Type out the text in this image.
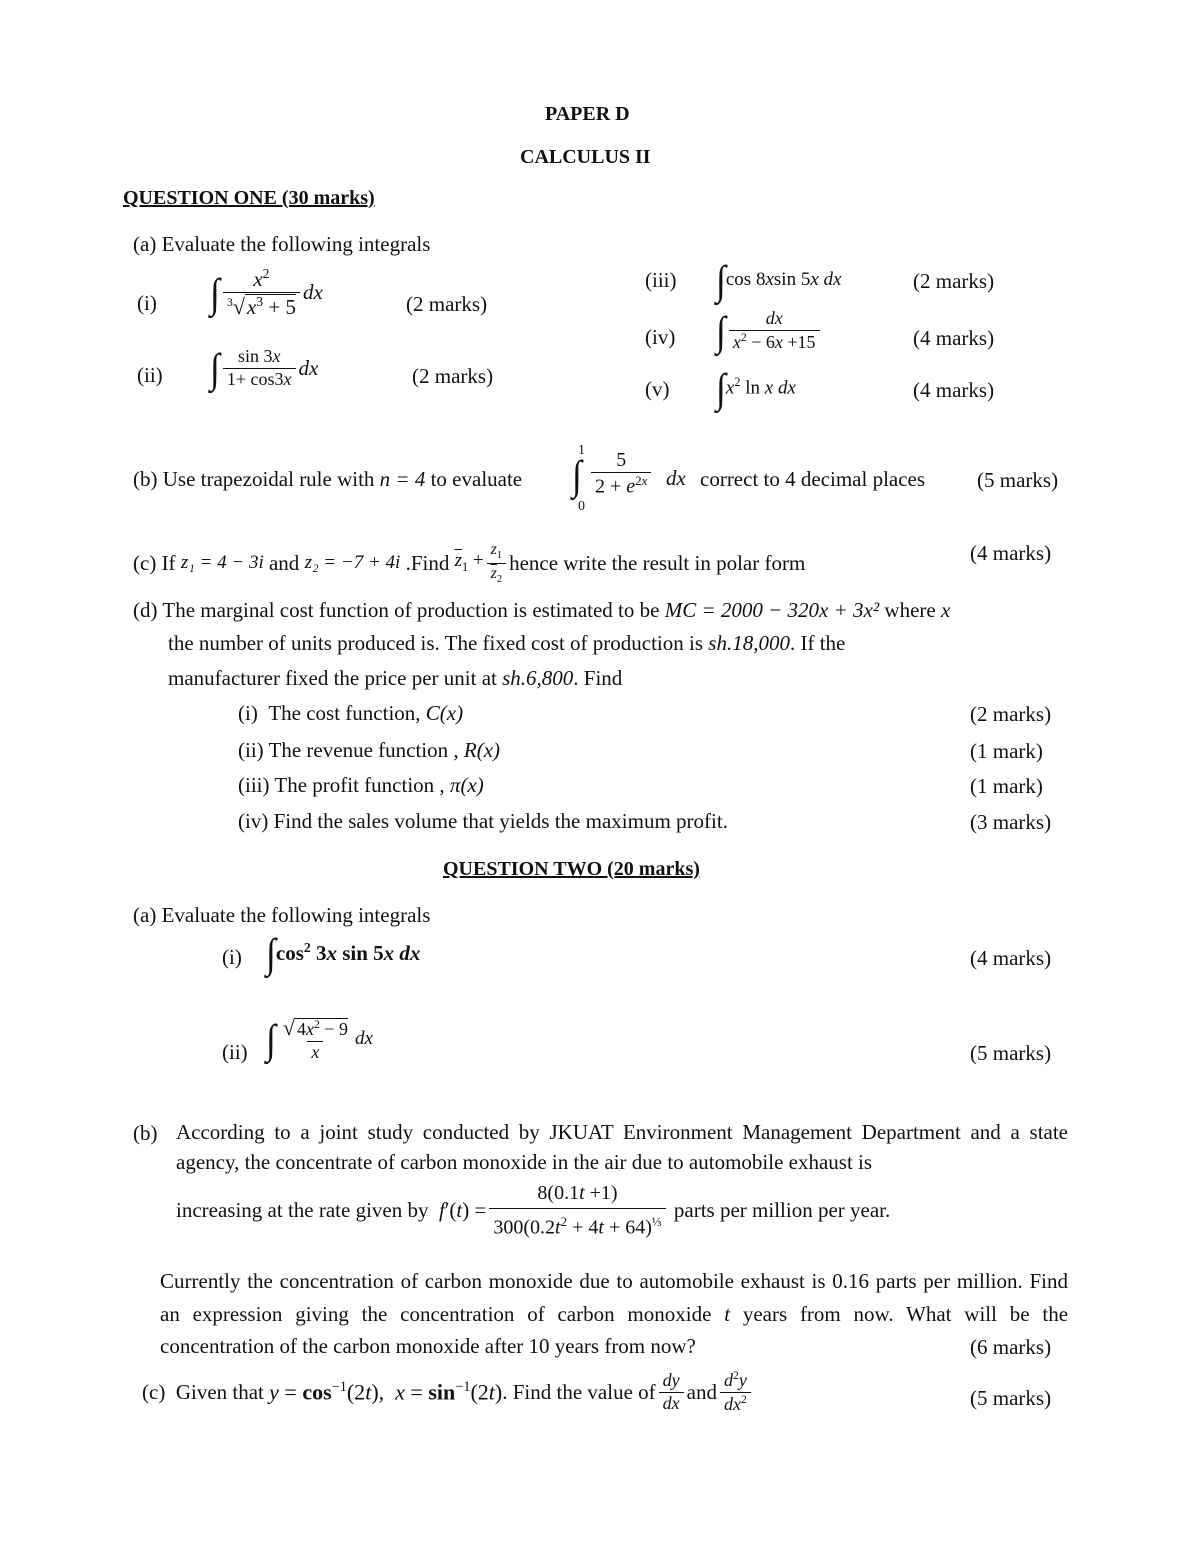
PAPER D
CALCULUS II
QUESTION ONE (30 marks)
(a) Evaluate the following integrals
(i) ∫ $\frac{x^2}{^3√x^3 + 5}$ dx	(2 marks)
(ii) ∫ $\frac{\sin 3x}{1+ \cos 3x}$ dx	(2 marks)
(iii) ∫ cos 8xsin 5x dx	(2 marks)
(iv) ∫ $\frac{dx}{x^2 - 6x +15}$	(4 marks)
(v) ∫ $x^2$ ln x dx	(4 marks)
(b) Use trapezoidal rule with n = 4 to evaluate
1
0
∫ $\frac{5}{2 + e^{2x}}$ dx correct to 4 decimal places (5 marks)
(c)
If
z₁ = 4 − 3i
and
z₂ = −7 + 4i
.Find
$\overline{z}_1 + \frac{z_1}{\overline{z}_2}$ hence write the result in polar form	(4 marks)
(d) The marginal cost function of production is estimated to be MC = 2000 − 320x + 3x² where x
the number of units produced is. The fixed cost of production is sh.18,000. If the
manufacturer fixed the price per unit at sh.6,800. Find
(i) The cost function, C(x)	(2 marks)
(ii) The revenue function , R(x)	(1 mark)
(iii) The profit function , π(x)	(1 mark)
(iv) Find the sales volume that yields the maximum profit.	(3 marks)
QUESTION TWO (20 marks)
(a) Evaluate the following integrals
(i) ∫ $\cos^2 3x$ sin 5x dx	(4 marks)
(ii) ∫ $\frac{√ 4x^2 - 9}{x}$ dx
(5 marks)
(b) According to a joint study conducted by JKUAT Environment Management Department and a state agency, the concentrate of carbon monoxide in the air due to automobile exhaust is
increasing at the rate given by
f ′( t ) = $\frac{8(0.1t +1)}{300(0.2t^2 + 4t + 64)^{\frac{1}{3}}}$
parts per million per year.
Currently the concentration of carbon monoxide due to automobile exhaust is 0.16 parts per million. Find an expression giving the concentration of carbon monoxide t years from now. What will be the concentration of the carbon monoxide after 10 years from now?	(6 marks)
(c)
Given that
$y = \cos^{-1}(2t)$,  $x = \sin^{-1}(2t)$ . Find the value of $\frac{dy}{dx}$ and $\frac{d^2y}{dx^2}$	(5 marks)
